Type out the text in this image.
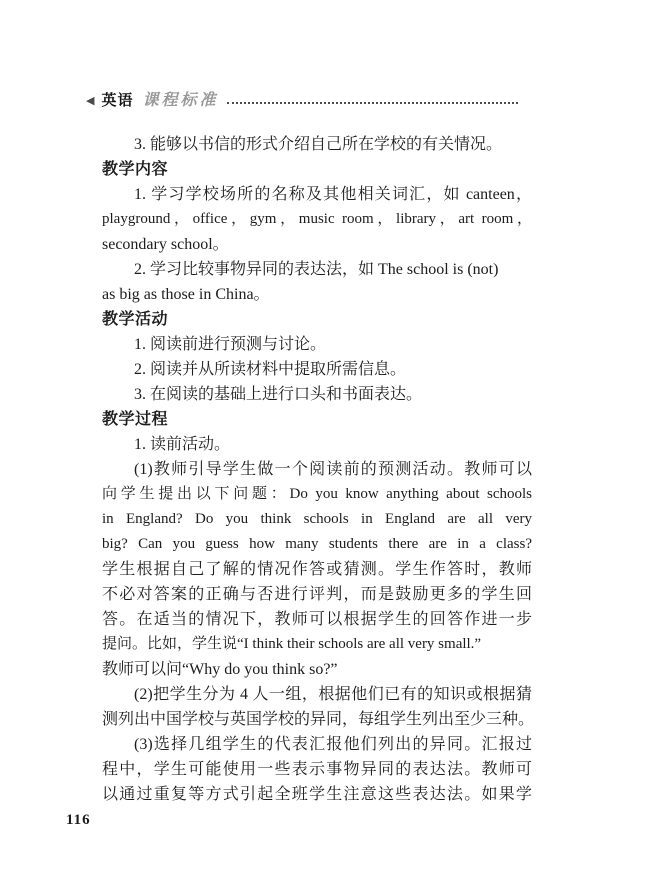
◀ 英语 课程标准
3. 能够以书信的形式介绍自己所在学校的有关情况。
教学内容
1. 学习学校场所的名称及其他相关词汇，如 canteen，
playground，office，gym，music room，library，art room，
secondary school。
2. 学习比较事物异同的表达法，如 The school is (not)
as big as those in China。
教学活动
1. 阅读前进行预测与讨论。
2. 阅读并从所读材料中提取所需信息。
3. 在阅读的基础上进行口头和书面表达。
教学过程
1. 读前活动。
(1)教师引导学生做一个阅读前的预测活动。教师可以
向学生提出以下问题：Do you know anything about schools
in England? Do you think schools in England are all very
big? Can you guess how many students there are in a class?
学生根据自己了解的情况作答或猜测。学生作答时，教师
不必对答案的正确与否进行评判，而是鼓励更多的学生回
答。在适当的情况下，教师可以根据学生的回答作进一步
提问。比如，学生说“I think their schools are all very small.”
教师可以问“Why do you think so?”
(2)把学生分为 4 人一组，根据他们已有的知识或根据猜
测列出中国学校与英国学校的异同，每组学生列出至少三种。
(3)选择几组学生的代表汇报他们列出的异同。汇报过
程中，学生可能使用一些表示事物异同的表达法。教师可
以通过重复等方式引起全班学生注意这些表达法。如果学
116
